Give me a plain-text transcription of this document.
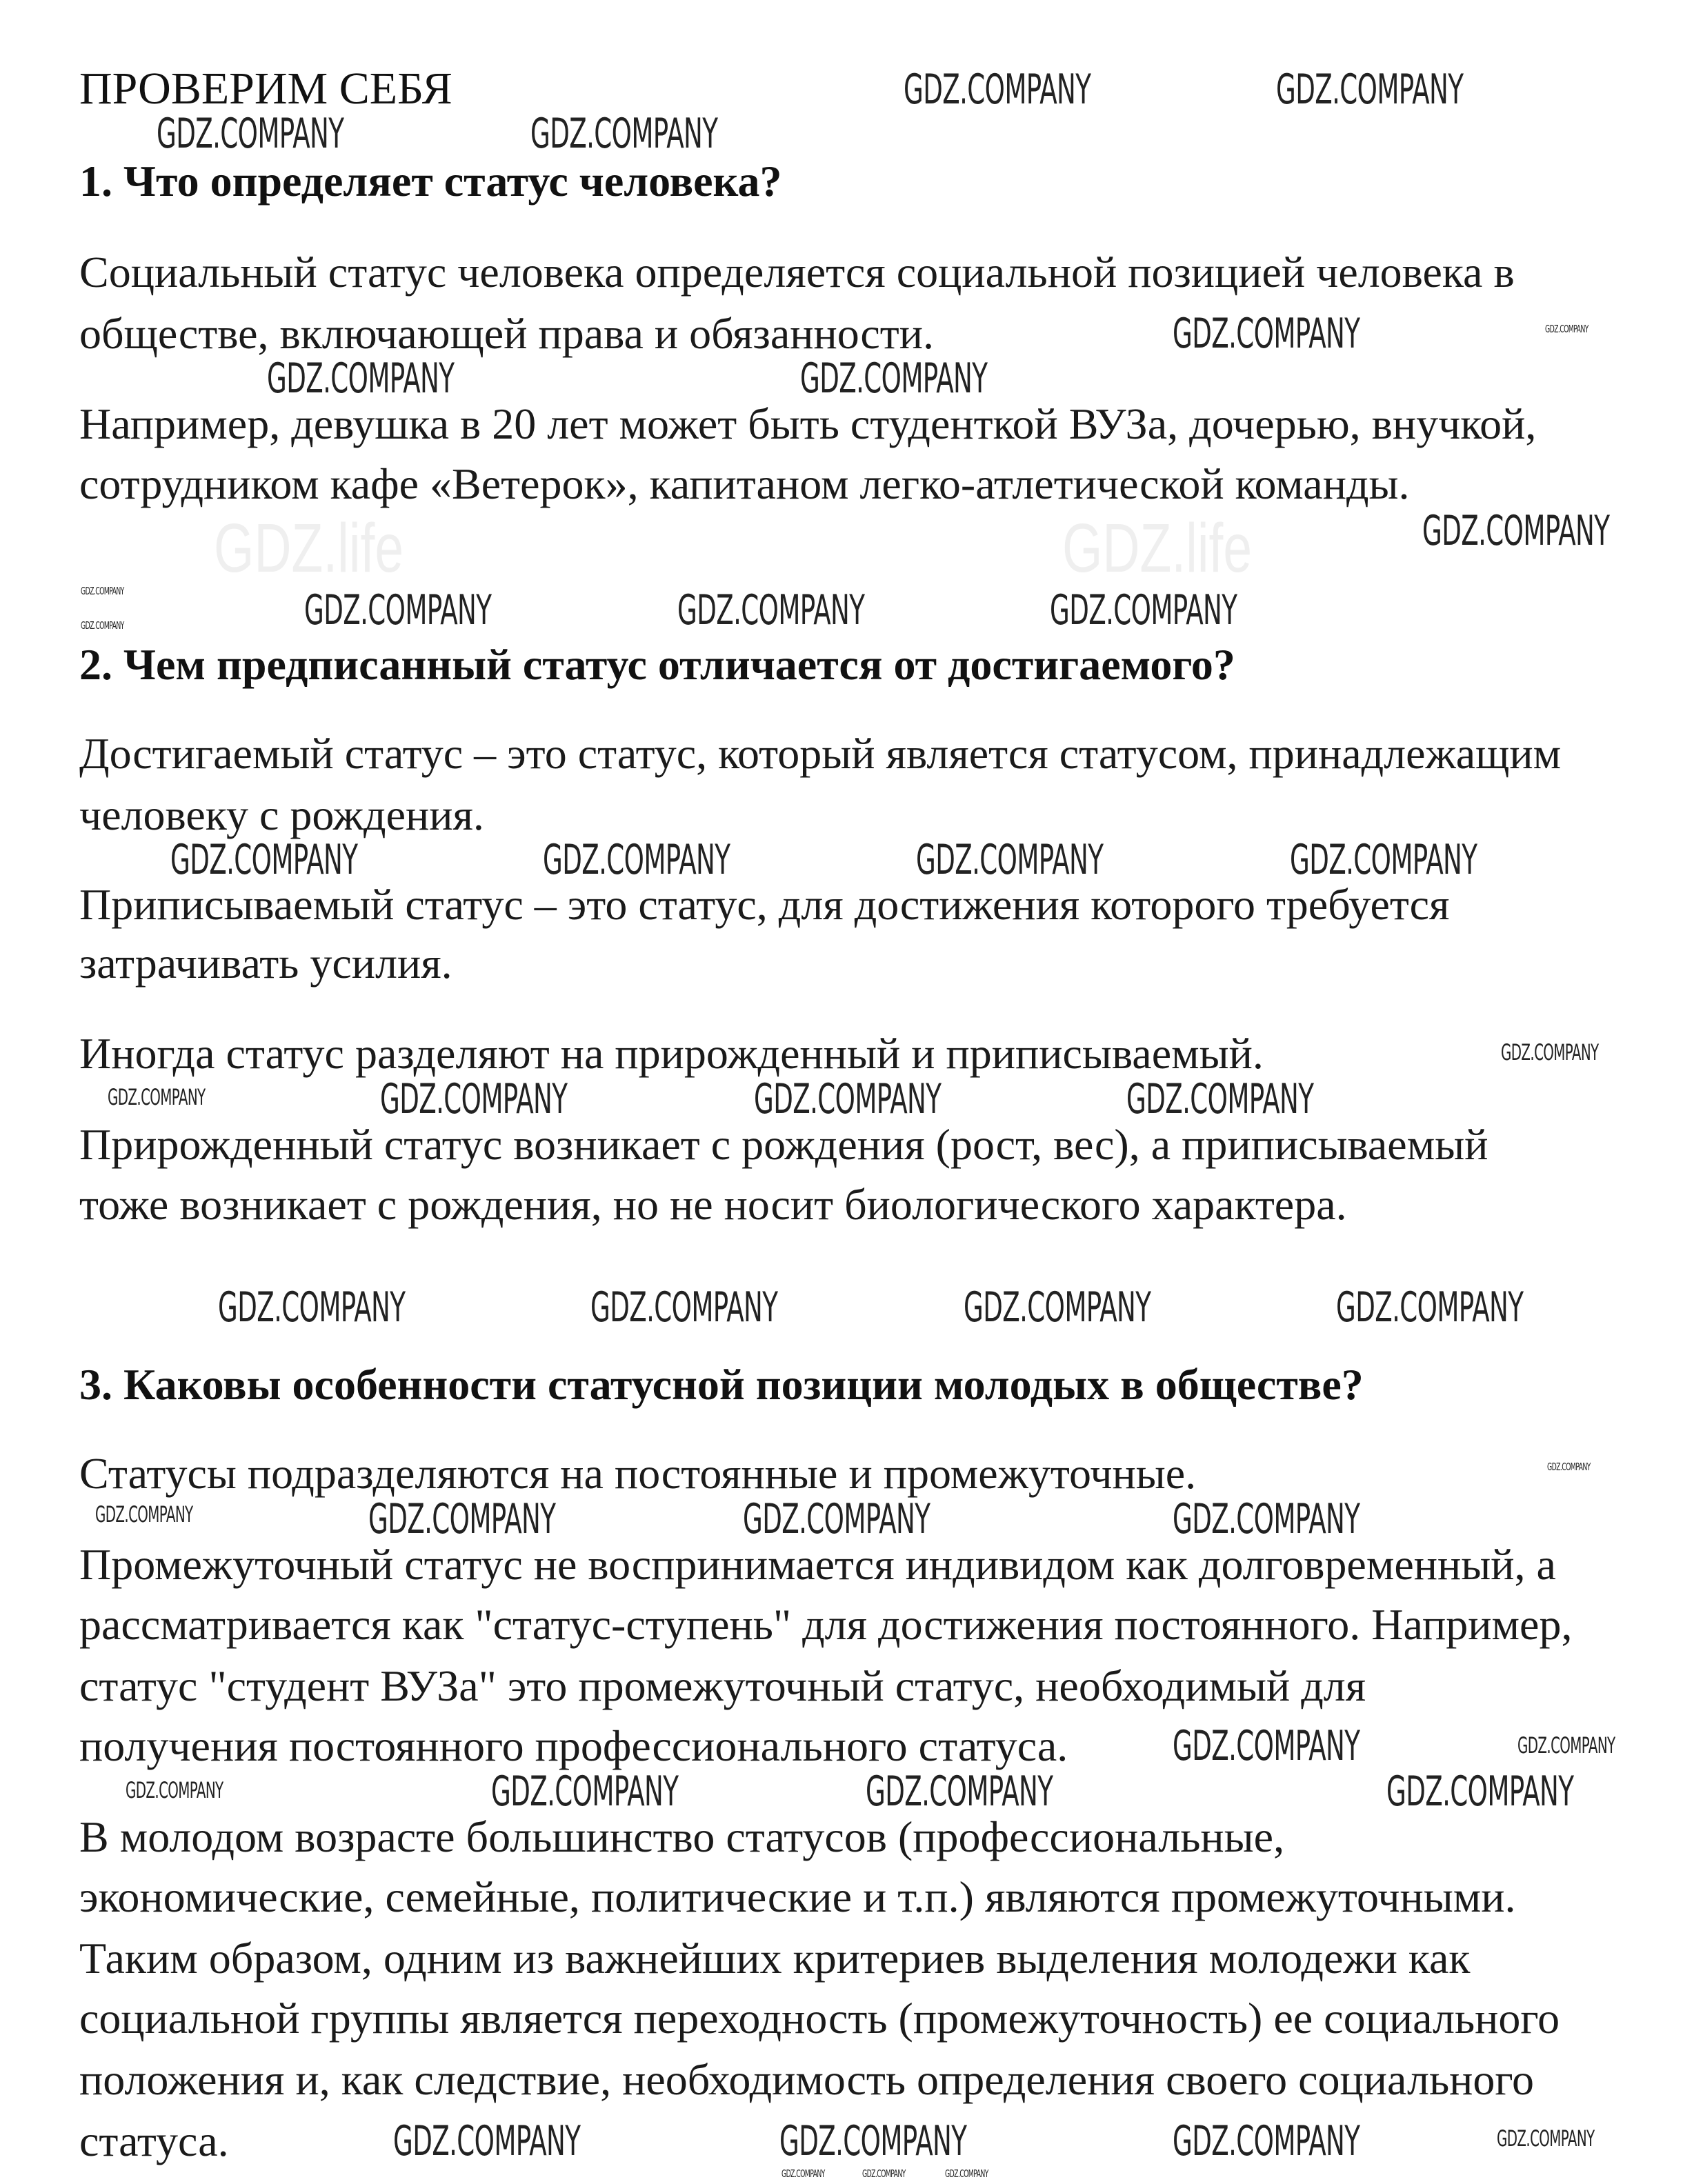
GDZ.life	GDZ.life
ПРОВЕРИМ СЕБЯ
1. Что определяет статус человека?
Социальный статус человека определяется социальной позицией человека в
обществе, включающей права и обязанности.
Например, девушка в 20 лет может быть студенткой ВУЗа, дочерью, внучкой,
сотрудником кафе «Ветерок», капитаном легко-атлетической команды.
2. Чем предписанный статус отличается от достигаемого?
Достигаемый статус – это статус, который является статусом, принадлежащим
человеку с рождения.
Приписываемый статус – это статус, для достижения которого требуется
затрачивать усилия.
Иногда статус разделяют на прирожденный и приписываемый.
Прирожденный статус возникает с рождения (рост, вес), а приписываемый
тоже возникает с рождения, но не носит биологического характера.
3. Каковы особенности статусной позиции молодых в обществе?
Статусы подразделяются на постоянные и промежуточные.
Промежуточный статус не воспринимается индивидом как долговременный, а
рассматривается как "статус-ступень" для достижения постоянного. Например,
статус "студент ВУЗа" это промежуточный статус, необходимый для
получения постоянного профессионального статуса.
В молодом возрасте большинство статусов (профессиональные,
экономические, семейные, политические и т.п.) являются промежуточными.
Таким образом, одним из важнейших критериев выделения молодежи как
социальной группы является переходность (промежуточность) ее социального
положения и, как следствие, необходимость определения своего социального
статуса.
GDZ.COMPANY	GDZ.COMPANY
GDZ.COMPANY	GDZ.COMPANY
GDZ.COMPANY	GDZ.COMPANY
GDZ.COMPANY	GDZ.COMPANY
GDZ.COMPANY
GDZ.COMPANY	GDZ.COMPANY	GDZ.COMPANY
GDZ.COMPANY
GDZ.COMPANY
GDZ.COMPANY	GDZ.COMPANY	GDZ.COMPANY	GDZ.COMPANY
GDZ.COMPANY
GDZ.COMPANY	GDZ.COMPANY	GDZ.COMPANY
GDZ.COMPANY
GDZ.COMPANY	GDZ.COMPANY	GDZ.COMPANY	GDZ.COMPANY
GDZ.COMPANY
GDZ.COMPANY	GDZ.COMPANY	GDZ.COMPANY
GDZ.COMPANY
GDZ.COMPANY	GDZ.COMPANY
GDZ.COMPANY	GDZ.COMPANY	GDZ.COMPANY
GDZ.COMPANY
GDZ.COMPANY	GDZ.COMPANY	GDZ.COMPANY	GDZ.COMPANY
GDZ.COMPANY	GDZ.COMPANY	GDZ.COMPANY
